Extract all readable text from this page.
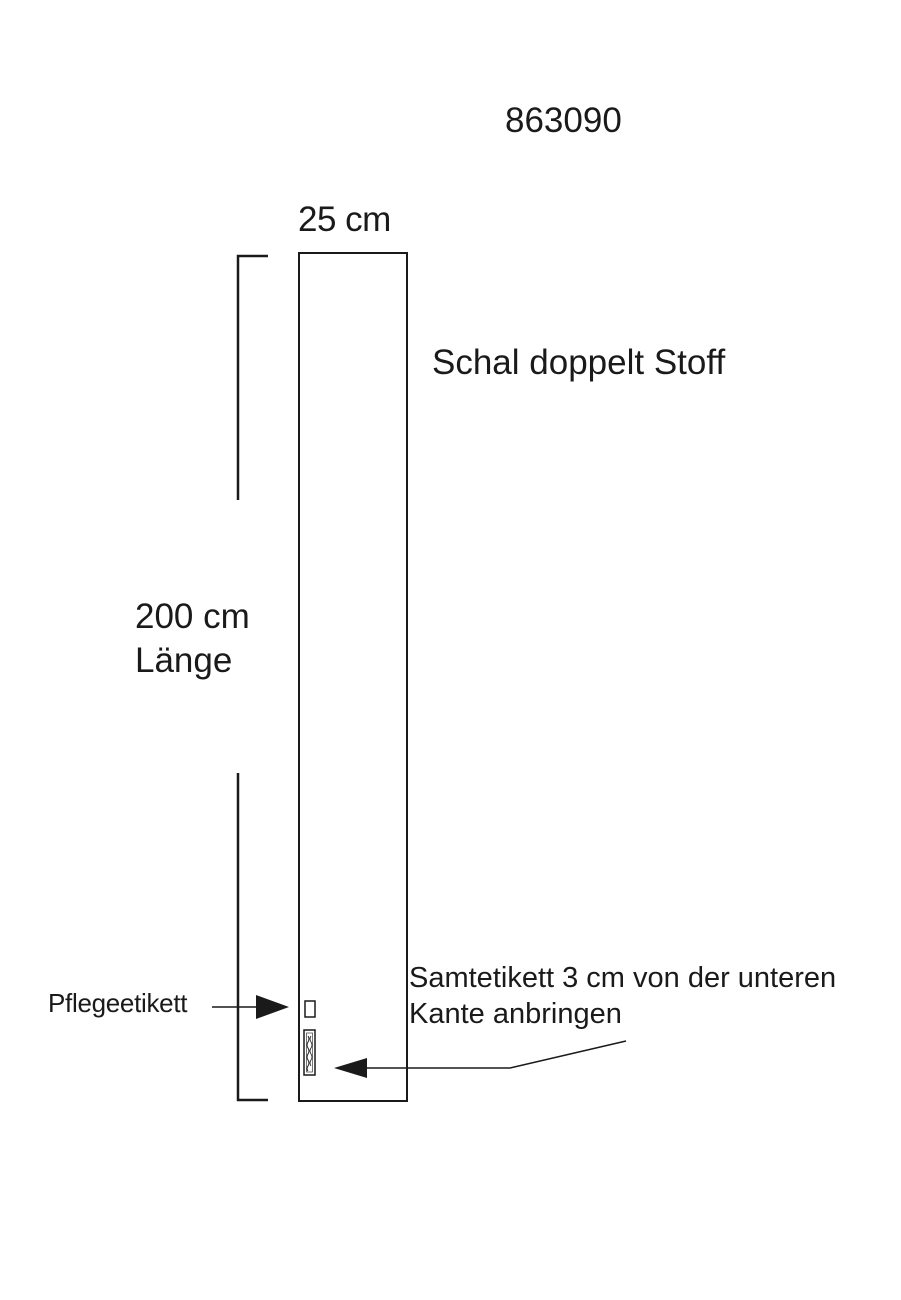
863090
25 cm
Schal doppelt Stoff
200 cm
Länge
Pflegeetikett
Samtetikett 3 cm von der unteren
Kante anbringen
